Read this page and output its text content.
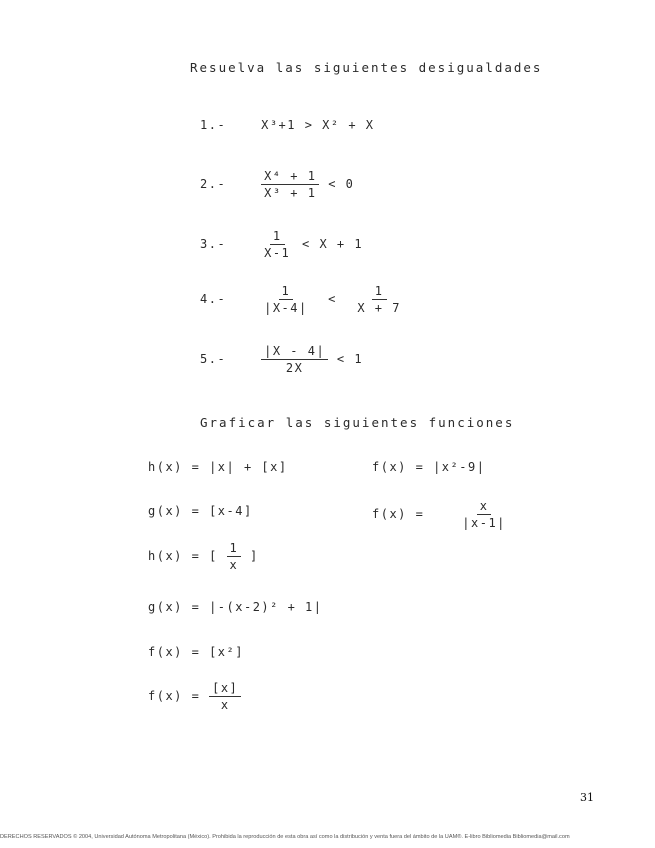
Resuelva las siguientes desigualdades
1.-	X³+1 > X² + X
2.-	$\frac{\text{X⁴ + 1}}{\text{X³ + 1}} < 0$
3.-	$\frac{1}{X-1} < X + 1$
4.-	$\frac{1}{|X-4|} < \frac{1}{X + 7}$
5.-	$\frac{|X - 4|}{2X} < 1$
Graficar las siguientes funciones
h(x) = |x| + [x]	f(x) = |x²-9|
g(x) = [x-4]	f(x) =	$\frac{x}{|x-1|}$
h(x) = [ $\frac{1}{x}$ ]
g(x) = |-(x-2)² + 1|
f(x) = [x²]
$f(x) = \frac{[x]}{x}$
31
DERECHOS RESERVADOS © 2004, Universidad Autónoma Metropolitana (México). Prohibida la reproducción de esta obra así como la distribución y venta fuera del ámbito de la UAM®. E-libro Bibliomedia Bibliomedia@mail.com
